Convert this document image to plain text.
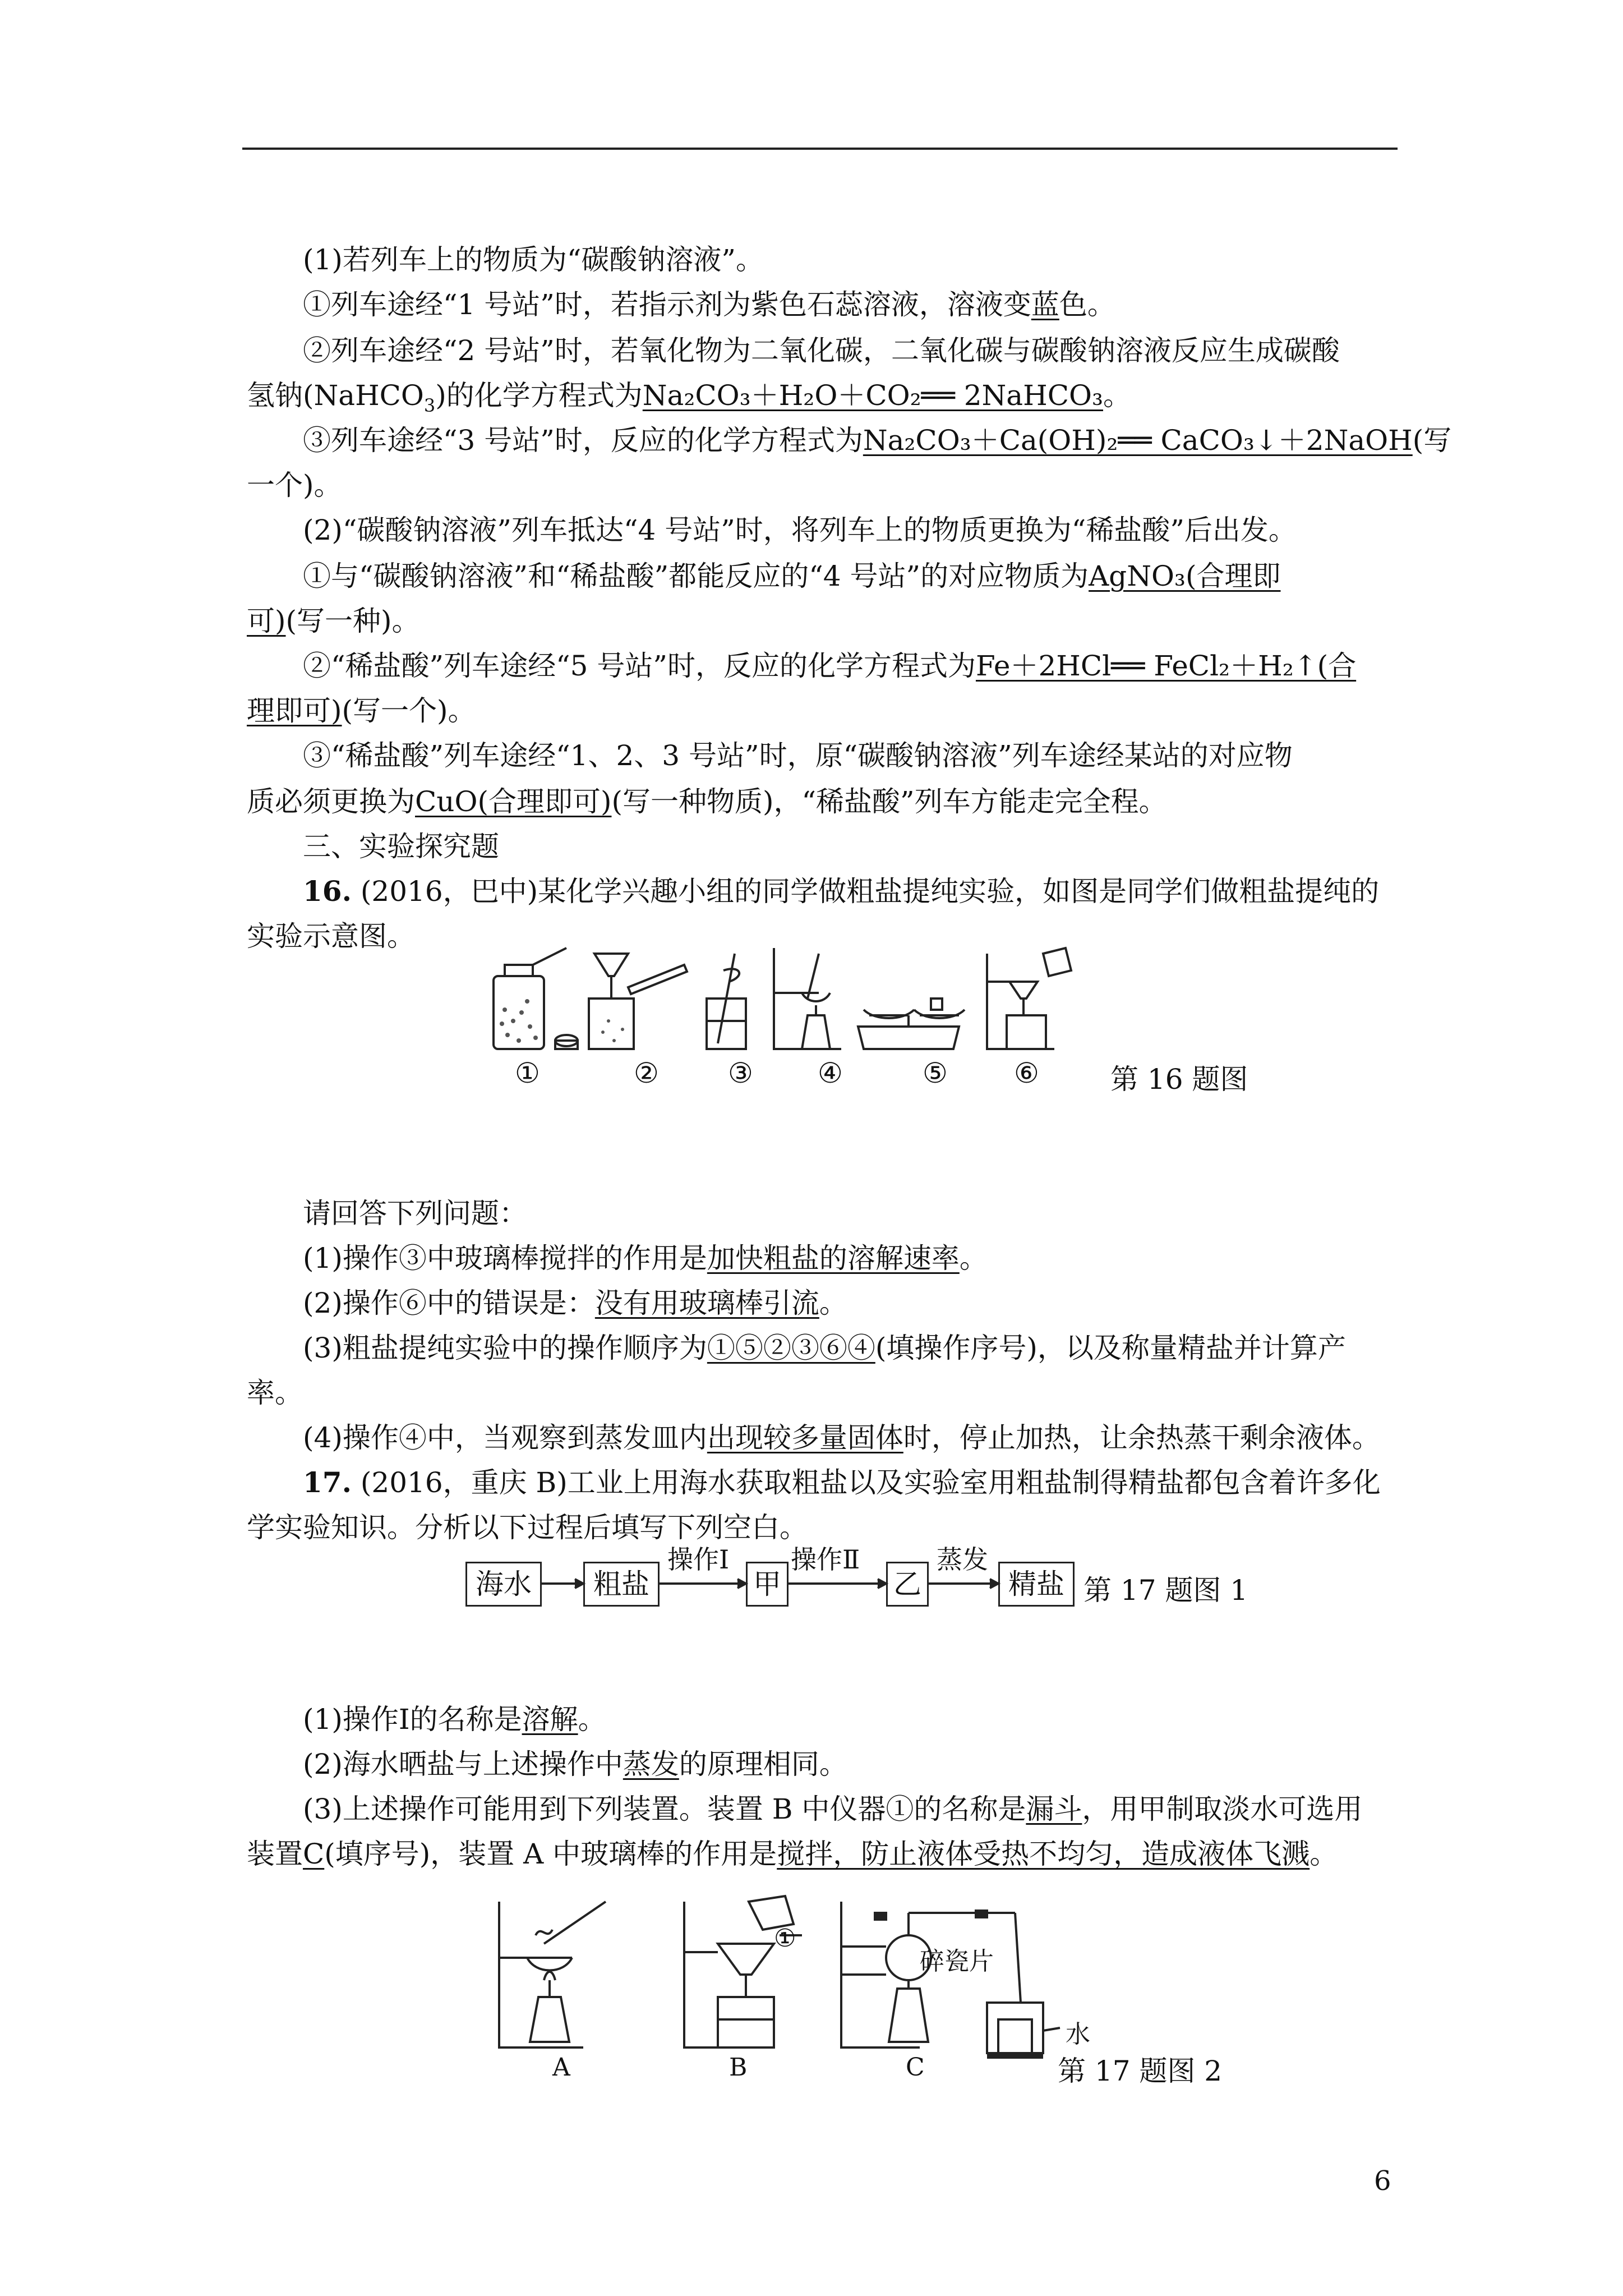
(1)若列车上的物质为“碳酸钠溶液”。
①列车途经“1 号站”时，若指示剂为紫色石蕊溶液，溶液变蓝色。
②列车途经“2 号站”时，若氧化物为二氧化碳，二氧化碳与碳酸钠溶液反应生成碳酸
氢钠(NaHCO$_3$)的化学方程式为Na₂CO₃＋H₂O＋CO₂══ 2NaHCO₃。
③列车途经“3 号站”时，反应的化学方程式为Na₂CO₃＋Ca(OH)₂══ CaCO₃↓＋2NaOH(写
一个)。
(2)“碳酸钠溶液”列车抵达“4 号站”时，将列车上的物质更换为“稀盐酸”后出发。
①与“碳酸钠溶液”和“稀盐酸”都能反应的“4 号站”的对应物质为AgNO₃(合理即
可)(写一种)。
②“稀盐酸”列车途经“5 号站”时，反应的化学方程式为Fe＋2HCl══ FeCl₂＋H₂↑(合
理即可)(写一个)。
③“稀盐酸”列车途经“1、2、3 号站”时，原“碳酸钠溶液”列车途经某站的对应物
质必须更换为CuO(合理即可)(写一种物质)，“稀盐酸”列车方能走完全程。
三、实验探究题
16. (2016，巴中)某化学兴趣小组的同学做粗盐提纯实验，如图是同学们做粗盐提纯的
实验示意图。
①	② ③ ④	⑤ ⑥	第 16 题图
请回答下列问题：
(1)操作③中玻璃棒搅拌的作用是加快粗盐的溶解速率。
(2)操作⑥中的错误是：没有用玻璃棒引流。
(3)粗盐提纯实验中的操作顺序为①⑤②③⑥④(填操作序号)，以及称量精盐并计算产
率。
(4)操作④中，当观察到蒸发皿内出现较多量固体时，停止加热，让余热蒸干剩余液体。
17. (2016，重庆 B)工业上用海水获取粗盐以及实验室用粗盐制得精盐都包含着许多化
学实验知识。分析以下过程后填写下列空白。
海水	粗盐	甲	乙	精盐
操作Ⅰ 操作Ⅱ	蒸发
第 17 题图 1
(1)操作Ⅰ的名称是溶解。
(2)海水晒盐与上述操作中蒸发的原理相同。
(3)上述操作可能用到下列装置。装置 B 中仪器①的名称是漏斗，用甲制取淡水可选用
装置C(填序号)，装置 A 中玻璃棒的作用是搅拌，防止液体受热不均匀，造成液体飞溅。
①
碎瓷片
水
A	B	C	第 17 题图 2
6
